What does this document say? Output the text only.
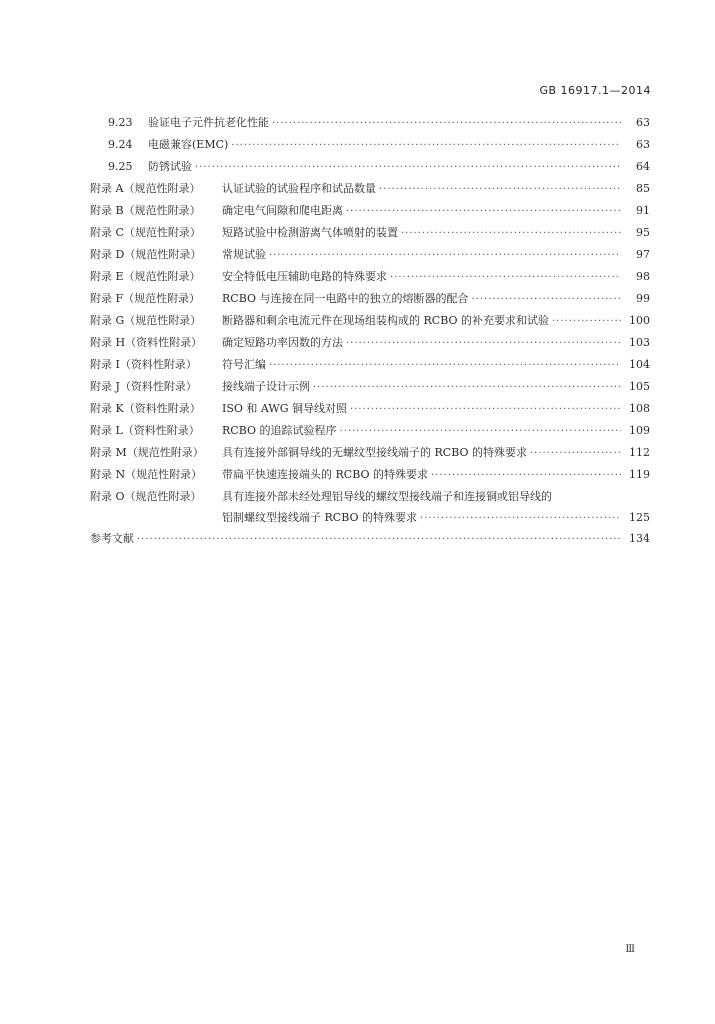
GB 16917.1—2014
9.23	验证电子元件抗老化性能 ·····	63
9.24	电磁兼容(EMC) ·····	63
9.25	防锈试验 ·····	64
附录 A（规范性附录）	认证试验的试验程序和试品数量 ·····	85
附录 B（规范性附录）	确定电气间隙和爬电距离 ·····	91
附录 C（规范性附录）	短路试验中检测游离气体喷射的装置 ·····	95
附录 D（规范性附录）	常规试验 ·····	97
附录 E（规范性附录）	安全特低电压辅助电路的特殊要求 ·····	98
附录 F（规范性附录）	RCBO 与连接在同一电路中的独立的熔断器的配合 ·····	99
附录 G（规范性附录）	断路器和剩余电流元件在现场组装构成的 RCBO 的补充要求和试验 ·····	100
附录 H（资料性附录）	确定短路功率因数的方法 ·····	103
附录 I（资料性附录）	符号汇编 ·····	104
附录 J（资料性附录）	接线端子设计示例 ·····	105
附录 K（资料性附录）	ISO 和 AWG 铜导线对照 ·····	108
附录 L（资料性附录）	RCBO 的追踪试验程序 ·····	109
附录 M（规范性附录）	具有连接外部铜导线的无螺纹型接线端子的 RCBO 的特殊要求 ·····	112
附录 N（规范性附录）	带扁平快速连接端头的 RCBO 的特殊要求 ·····	119
附录 O（规范性附录） 具有连接外部未经处理铝导线的螺纹型接线端子和连接铜或铝导线的
铝制螺纹型接线端子 RCBO 的特殊要求 ·····	125
参考文献 ·····	134
Ⅲ
